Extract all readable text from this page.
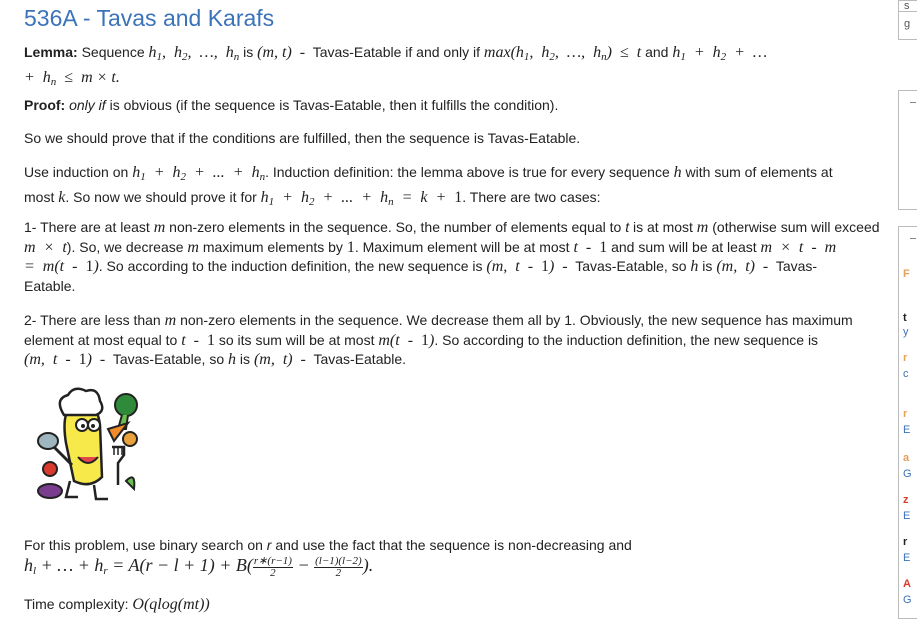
536A - Tavas and Karafs
Lemma: Sequence $h_1$,  $h_2$,  …,  $h_n$ is (m, t)  -  Tavas-Eatable if and only if $\max(h_1$,  $h_2$,  …,  $h_n) \le t$ and $h_1 + h_2$  +  …
+  $h_n \le m \times t$.
Proof: only if is obvious (if the sequence is Tavas-Eatable, then it fulfills the condition).
So we should prove that if the conditions are fulfilled, then the sequence is Tavas-Eatable.
Use induction on $h_1 + h_2$  +  ...  +  $h_n$. Induction definition: the lemma above is true for every sequence h with sum of elements at
most k. So now we should prove it for $h_1 + h_2$  +  ...  +  $h_n = k + 1$. There are two cases:
1- There are at least m non-zero elements in the sequence. So, the number of elements equal to t is at most m (otherwise sum will exceed
m  ×  t). So, we decrease m maximum elements by 1. Maximum element will be at most t  -  1 and sum will be at least m  ×  t  -  m
=  m(t  -  1). So according to the induction definition, the new sequence is (m,  t  -  1)  -  Tavas-Eatable, so h is (m,  t)  -  Tavas-
Eatable.
2- There are less than m non-zero elements in the sequence. We decrease them all by 1. Obviously, the new sequence has maximum
element at most equal to t  -  1 so its sum will be at most m(t  -  1). So according to the induction definition, the new sequence is
(m,  t  -  1)  -  Tavas-Eatable, so h is (m,  t)  -  Tavas-Eatable.
For this problem, use binary search on r and use the fact that the sequence is non-decreasing and
$h_l$ + … + $h_r = A(r - l + 1) + B( \frac{r∗(r-1)}{2} - \frac{(l-1)(l-2)}{2}$ ).
Time complexity: O(qlog(mt))
s
g
F
t
y
r
c
r
E
a
G
z
E
r
E
A
G
